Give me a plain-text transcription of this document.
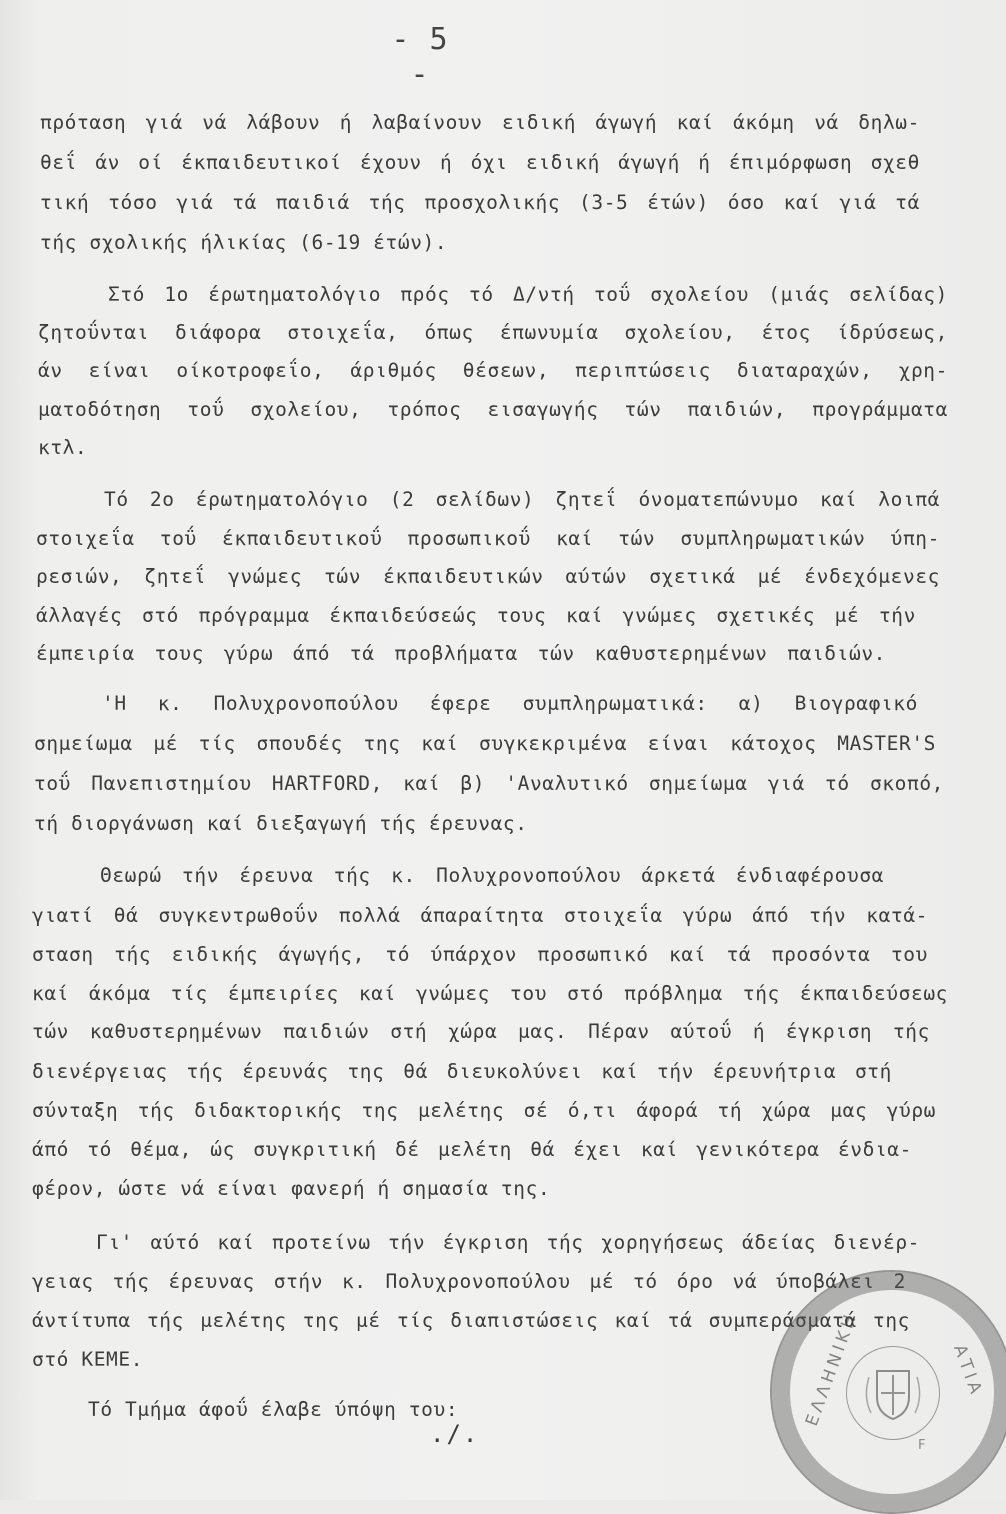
- 5 -
πρόταση γιά νά λάβουν ή λαβαίνουν ειδική άγωγή καί άκόμη νά δηλω-
θεΐ άν οί έκπαιδευτικοί έχουν ή όχι ειδική άγωγή ή έπιμόρφωση σχεθ
τική τόσο γιά τά παιδιά τής προσχολικής (3-5 έτών) όσο καί γιά τά
τής σχολικής ήλικίας (6-19 έτών).
Στό 1ο έρωτηματολόγιο πρός τό Δ/ντή τοΰ σχολείου (μιάς σελίδας)
ζητοΰνται διάφορα στοιχεΐα, όπως έπωνυμία σχολείου, έτος ίδρύσεως,
άν είναι οίκοτροφεΐο, άριθμός θέσεων, περιπτώσεις διαταραχών, χρη-
ματοδότηση τοΰ σχολείου, τρόπος εισαγωγής τών παιδιών, προγράμματα
κτλ.
Τό 2ο έρωτηματολόγιο (2 σελίδων) ζητεΐ όνοματεπώνυμο καί λοιπά
στοιχεΐα τοΰ έκπαιδευτικοΰ προσωπικοΰ καί τών συμπληρωματικών ύπη-
ρεσιών, ζητεΐ γνώμες τών έκπαιδευτικών αύτών σχετικά μέ ένδεχόμενες
άλλαγές στό πρόγραμμα έκπαιδεύσεώς τους καί γνώμες σχετικές μέ τήν
έμπειρία τους γύρω άπό τά προβλήματα τών καθυστερημένων παιδιών.
'Η κ. Πολυχρονοπούλου έφερε συμπληρωματικά: α) Βιογραφικό
σημείωμα μέ τίς σπουδές της καί συγκεκριμένα είναι κάτοχος MASTER'S
τοΰ Πανεπιστημίου HARTFORD, καί β) 'Αναλυτικό σημείωμα γιά τό σκοπό,
τή διοργάνωση καί διεξαγωγή τής έρευνας.
Θεωρώ τήν έρευνα τής κ. Πολυχρονοπούλου άρκετά ένδιαφέρουσα
γιατί θά συγκεντρωθοΰν πολλά άπαραίτητα στοιχεΐα γύρω άπό τήν κατά-
σταση τής ειδικής άγωγής, τό ύπάρχον προσωπικό καί τά προσόντα του
καί άκόμα τίς έμπειρίες καί γνώμες του στό πρόβλημα τής έκπαιδεύσεως
τών καθυστερημένων παιδιών στή χώρα μας. Πέραν αύτοΰ ή έγκριση τής
διενέργειας τής έρευνάς της θά διευκολύνει καί τήν έρευνήτρια στή
σύνταξη τής διδακτορικής της μελέτης σέ ό,τι άφορά τή χώρα μας γύρω
άπό τό θέμα, ώς συγκριτική δέ μελέτη θά έχει καί γενικότερα ένδια-
φέρον, ώστε νά είναι φανερή ή σημασία της.
Γι' αύτό καί προτείνω τήν έγκριση τής χορηγήσεως άδείας διενέρ-
γειας τής έρευνας στήν κ. Πολυχρονοπούλου μέ τό όρο νά ύποβάλει 2
άντίτυπα τής μελέτης της μέ τίς διαπιστώσεις καί τά συμπεράσματά της
στό ΚΕΜΕ.
Τό Τμήμα άφοΰ έλαβε ύπόψη του:
./.
ΕΛΛΗΝΙΚΗ	ΑΤΙΑ
F
